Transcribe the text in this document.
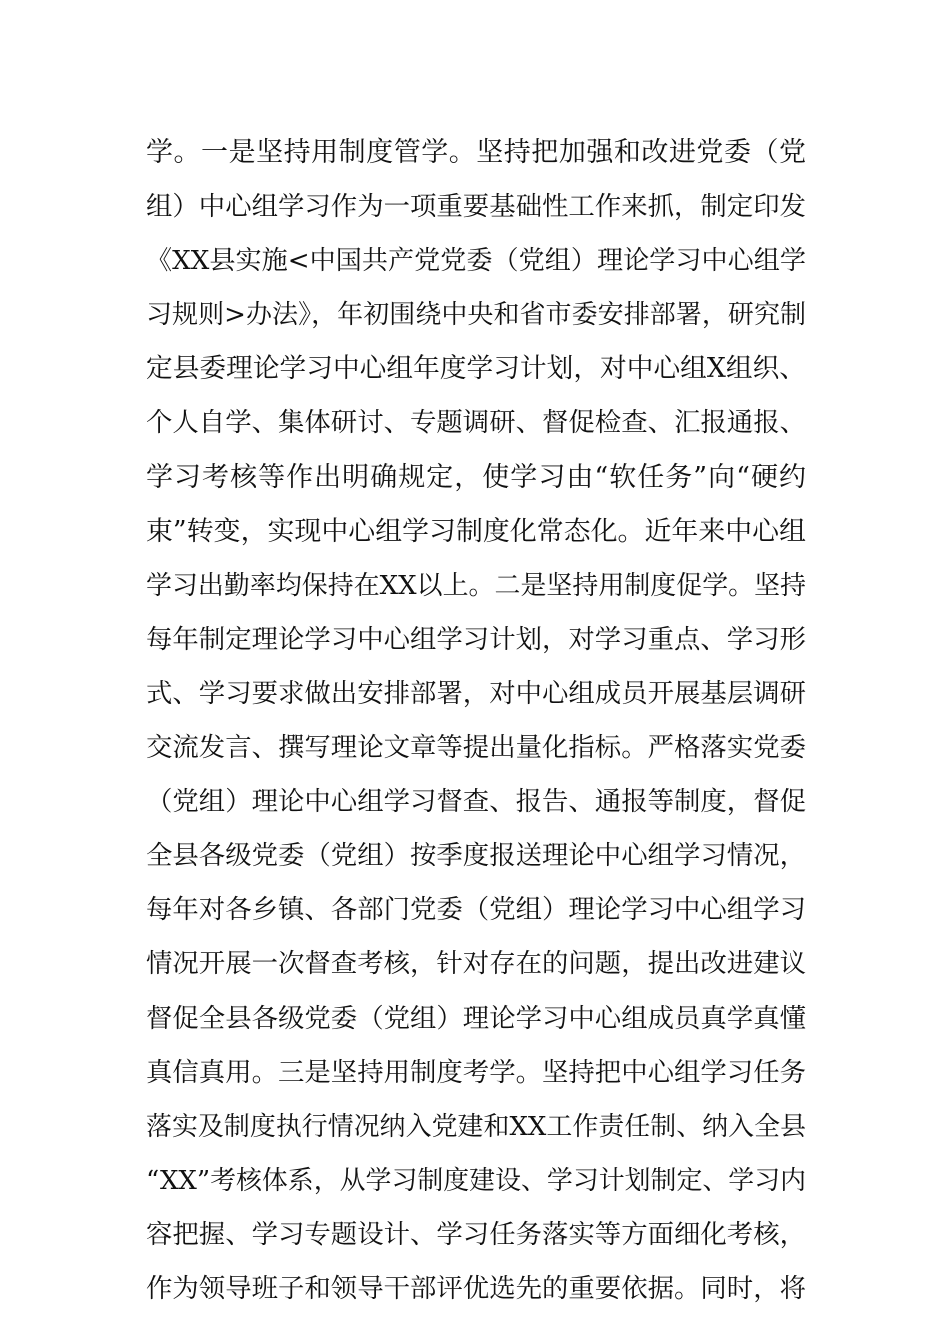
学。一是坚持用制度管学。坚持把加强和改进党委（党
组）中心组学习作为一项重要基础性工作来抓，制定印发
《XX县实施<中国共产党党委（党组）理论学习中心组学
习规则>办法》，年初围绕中央和省市委安排部署，研究制
定县委理论学习中心组年度学习计划，对中心组X组织、
个人自学、集体研讨、专题调研、督促检查、汇报通报、
学习考核等作出明确规定，使学习由“软任务”向“硬约
束”转变，实现中心组学习制度化常态化。近年来中心组
学习出勤率均保持在XX以上。二是坚持用制度促学。坚持
每年制定理论学习中心组学习计划，对学习重点、学习形
式、学习要求做出安排部署，对中心组成员开展基层调研
交流发言、撰写理论文章等提出量化指标。严格落实党委
（党组）理论中心组学习督查、报告、通报等制度，督促
全县各级党委（党组）按季度报送理论中心组学习情况，
每年对各乡镇、各部门党委（党组）理论学习中心组学习
情况开展一次督查考核，针对存在的问题，提出改进建议
督促全县各级党委（党组）理论学习中心组成员真学真懂
真信真用。三是坚持用制度考学。坚持把中心组学习任务
落实及制度执行情况纳入党建和XX工作责任制、纳入全县
“XX”考核体系，从学习制度建设、学习计划制定、学习内
容把握、学习专题设计、学习任务落实等方面细化考核，
作为领导班子和领导干部评优选先的重要依据。同时，将
